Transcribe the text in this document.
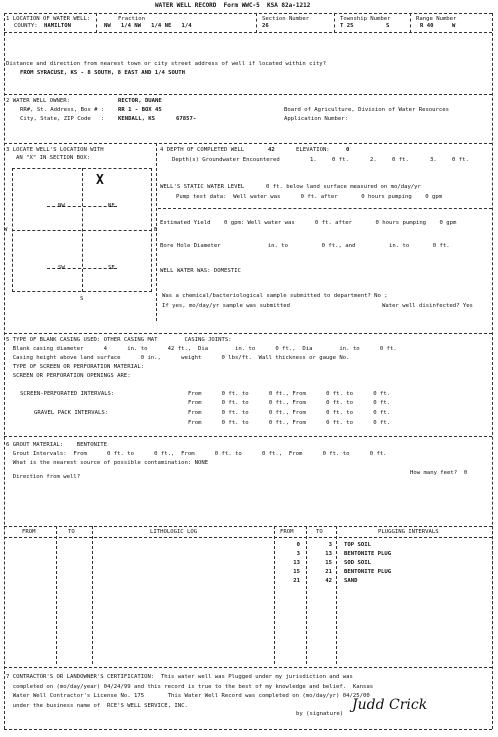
WATER WELL RECORD  Form WWC-5  KSA 82a-1212
1 LOCATION OF WATER WELL:
COUNTY: HAMILTON
Fraction
NW   1/4 NW   1/4 NE   1/4
Section Number
26
Township Number
T 25	S
Range Number
R 40	W
Distance and direction from nearest town or city street address of well if located within city?
FROM SYRACUSE, KS - 8 SOUTH, 8 EAST AND 1/4 SOUTH
2 WATER WELL OWNER:	RECTOR, DUANE
RR#, St. Address, Box # : RR 1 - BOX 45
City, State, ZIP Code   : KENDALL, KS	67857-
Board of Agriculture, Division of Water Resources
Application Number:
3 LOCATE WELL'S LOCATION WITH
AN "X" IN SECTION BOX:
NW	NE
SW	SE
W	E
X
S
4 DEPTH OF COMPLETED WELL	42	ELEVATION:	0
Depth(s) Groundwater Encountered	1.	0 ft.	2.	0 ft.	3.	0 ft.
WELL'S STATIC WATER LEVEL	0 ft. below land surface measured on mo/day/yr
Pump test data:  Well water was      0 ft. after       0 hours pumping    0 gpm
Estimated Yield    0 gpm: Well water was      0 ft. after       0 hours pumping    0 gpm
Bore Hole Diameter              in. to          0 ft., and          in. to       0 ft.
WELL WATER WAS: DOMESTIC
Was a chemical/bacteriological sample submitted to department? No ;
If yes, mo/day/yr sample was submitted	Water well disinfected? Yes
5 TYPE OF BLANK CASING USED: OTHER CASING MAT        CASING JOINTS:
Blank casing diameter      4      in. to      42 ft.,  Dia        in. to      0 ft.,  Dia        in. to      0 ft.
Casing height above land surface      0 in.,      weight      0 lbs/ft.  Wall thickness or gauge No.
TYPE OF SCREEN OR PERFORATION MATERIAL:
SCREEN OR PERFORATION OPENINGS ARE:
SCREEN-PERFORATED INTERVALS:	From      0 ft. to      0 ft., From      0 ft. to      0 ft.
From      0 ft. to      0 ft., From      0 ft. to      0 ft.
GRAVEL PACK INTERVALS:	From      0 ft. to      0 ft., From      0 ft. to      0 ft.
From      0 ft. to      0 ft., From      0 ft. to      0 ft.
6 GROUT MATERIAL:    BENTONITE
Grout Intervals:  From      0 ft. to      0 ft.,  From      0 ft. to      0 ft.,  From      0 ft. to      0 ft.
What is the nearest source of possible contamination: NONE
Direction from well?
How many feet?  0
FROM	TO	LITHOLOGIC LOG	FROM	TO	PLUGGING INTERVALS
0	3 TOP SOIL
3	13 BENTONITE PLUG
13	15 SOD SOIL
15	21 BENTONITE PLUG
21	42 SAND
7 CONTRACTOR'S OR LANDOWNER'S CERTIFICATION:  This water well was Plugged under my jurisdiction and was
completed on (mo/day/year) 04/24/99 and this record is true to the best of my knowledge and belief.  Kansas
Water Well Contractor's License No. 175       This Water Well Record was completed on (mo/day/yr) 04/25/00
under the business name of  RCE'S WELL SERVICE, INC.
by (signature)
Judd Crick
